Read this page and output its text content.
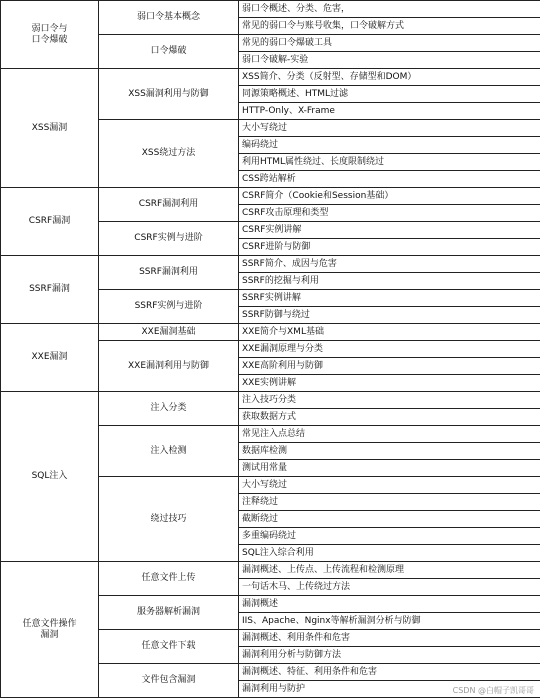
弱口令与
口令爆破	弱口令基本概念	弱口令概述、分类、危害，
		常见的弱口令与账号收集，口令破解方式
	口令爆破	常见的弱口令爆破工具
		弱口令破解-实验
XSS漏洞	XSS漏洞利用与防御	XSS简介、分类（反射型、存储型和DOM）
		同源策略概述、HTML过滤
		HTTP-Only、X-Frame
	XSS绕过方法	大小写绕过
		编码绕过
		利用HTML属性绕过、长度限制绕过
		CSS跨站解析
CSRF漏洞	CSRF漏洞利用	CSRF简介（Cookie和Session基础）
		CSRF攻击原理和类型
	CSRF实例与进阶	CSRF实例讲解
		CSRF进阶与防御
SSRF漏洞	SSRF漏洞利用	SSRF简介、成因与危害
		SSRF的挖掘与利用
	SSRF实例与进阶	SSRF实例讲解
		SSRF防御与绕过
XXE漏洞	XXE漏洞基础	XXE简介与XML基础
	XXE漏洞利用与防御	XXE漏洞原理与分类
		XXE高阶利用与防御
		XXE实例讲解
SQL注入	注入分类	注入技巧分类
		获取数据方式
	注入检测	常见注入点总结
		数据库检测
		测试用常量
	绕过技巧	大小写绕过
		注释绕过
		截断绕过
		多重编码绕过
		SQL注入综合利用
任意文件操作
漏洞	任意文件上传	漏洞概述、上传点、上传流程和检测原理
		一句话木马、上传绕过方法
	服务器解析漏洞	漏洞概述
		IIS、Apache、Nginx等解析漏洞分析与防御
	任意文件下载	漏洞概述、利用条件和危害
		漏洞利用分析与防御方法
	文件包含漏洞	漏洞概述、特征、利用条件和危害
		漏洞利用与防护	CSDN @白帽子凯哥哥
